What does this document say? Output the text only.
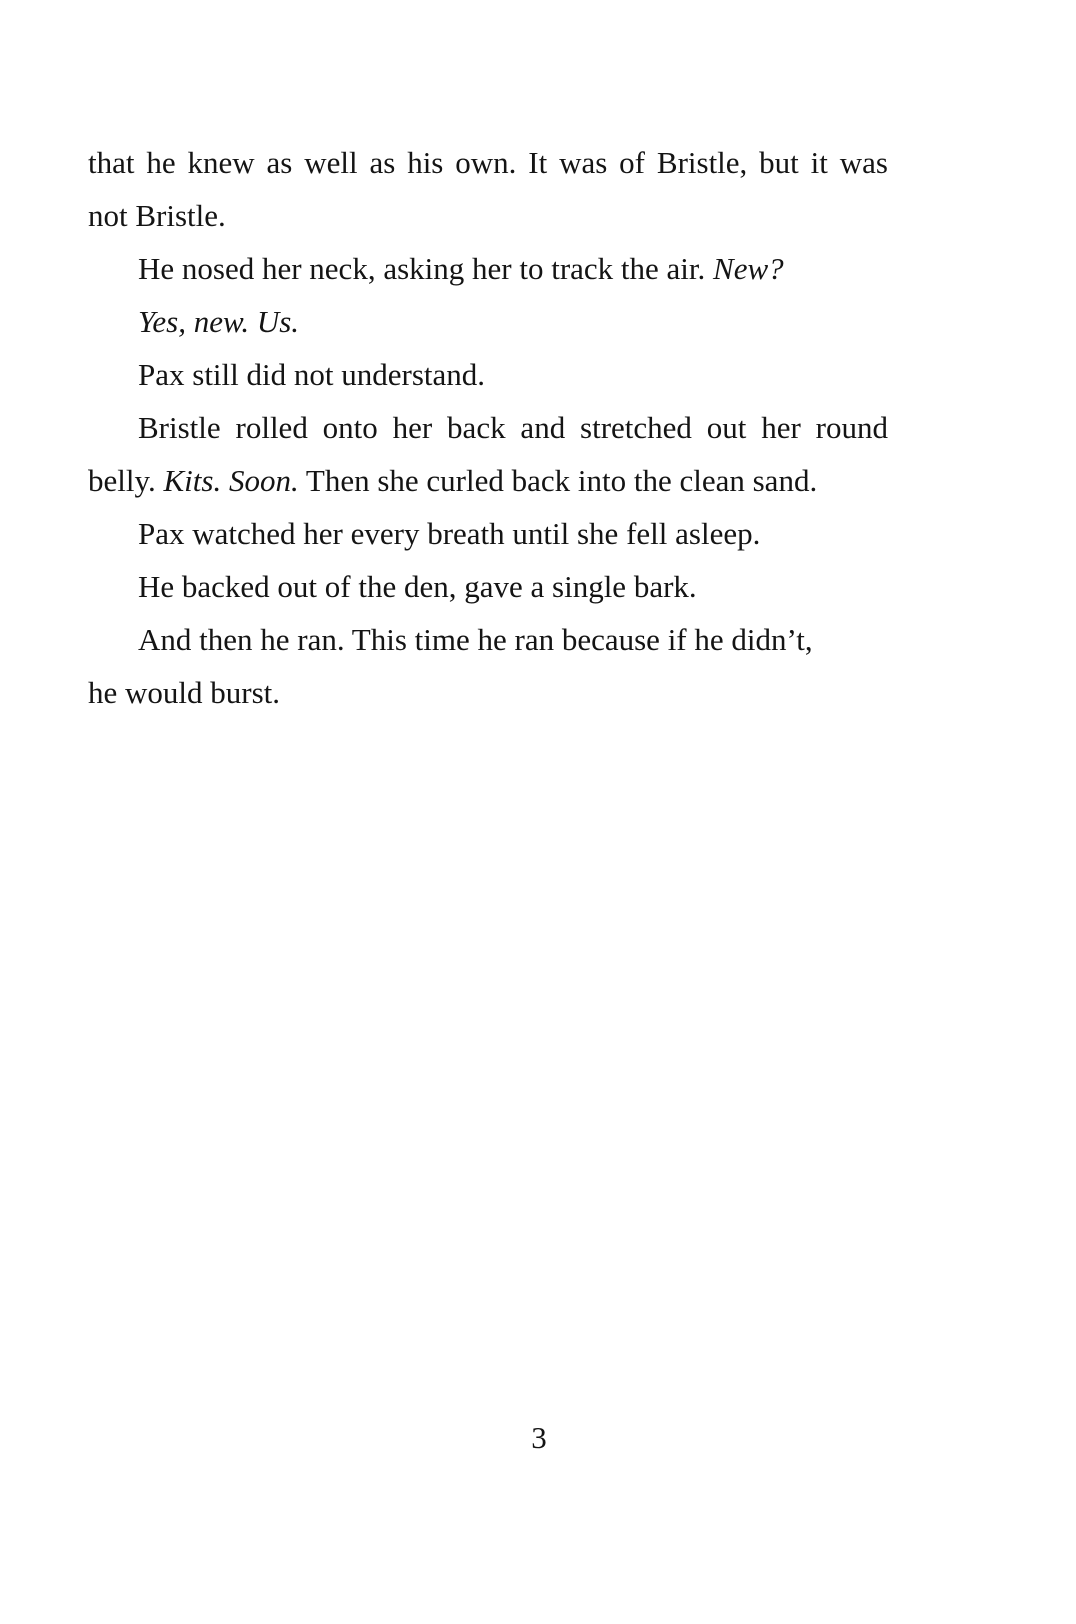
that he knew as well as his own. It was of Bristle, but it was
not Bristle.
He nosed her neck, asking her to track the air. New?
Yes, new. Us.
Pax still did not understand.
Bristle rolled onto her back and stretched out her round
belly. Kits. Soon. Then she curled back into the clean sand.
Pax watched her every breath until she fell asleep.
He backed out of the den, gave a single bark.
And then he ran. This time he ran because if he didn’t,
he would burst.
3
